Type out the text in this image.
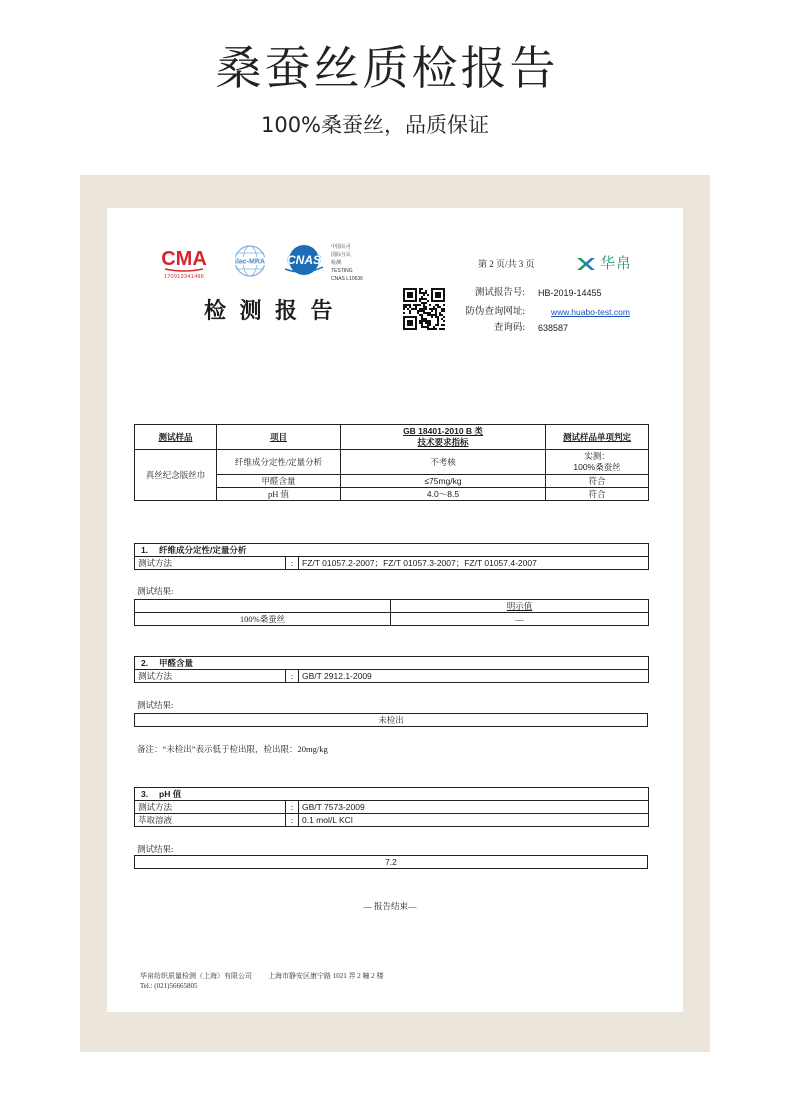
桑蚕丝质检报告
100%桑蚕丝，品质保证
CMA
170913341496
ilac-MRA CNAS
中国认可
国际互认
检测
TESTING
CNAS L10636
检 测 报 告
第 2 页/共 3 页	华帛
测试报告号: HB-2019-14455
防伪查询网址:	www.huabo-test.com
查询码: 638587
测试样品	项目	GB 18401-2010 B 类
技术要求指标	测试样品单项判定
真丝纪念版丝巾	纤维成分定性/定量分析	不考核	实测：
100%桑蚕丝

	甲醛含量	≤75mg/kg	符合
	pH 值	4.0～8.5	符合
1. 纤维成分定性/定量分析
测试方法	:	FZ/T 01057.2-2007；FZ/T 01057.3-2007；FZ/T 01057.4-2007
测试结果:
	明示值
100%桑蚕丝	—
2. 甲醛含量
测试方法	:	GB/T 2912.1-2009
测试结果:
未检出
备注：“未检出”表示低于检出限，检出限：20mg/kg
3. pH 值		
测试方法	:	GB/T 7573-2009
萃取溶液	:	0.1 mol/L KCl
测试结果:
7.2
— 报告结束—
华帛纺织质量检测（上海）有限公司 上海市静安区康宁路 1021 弄 2 幢 2 楼
Tel.: (021)56665805
